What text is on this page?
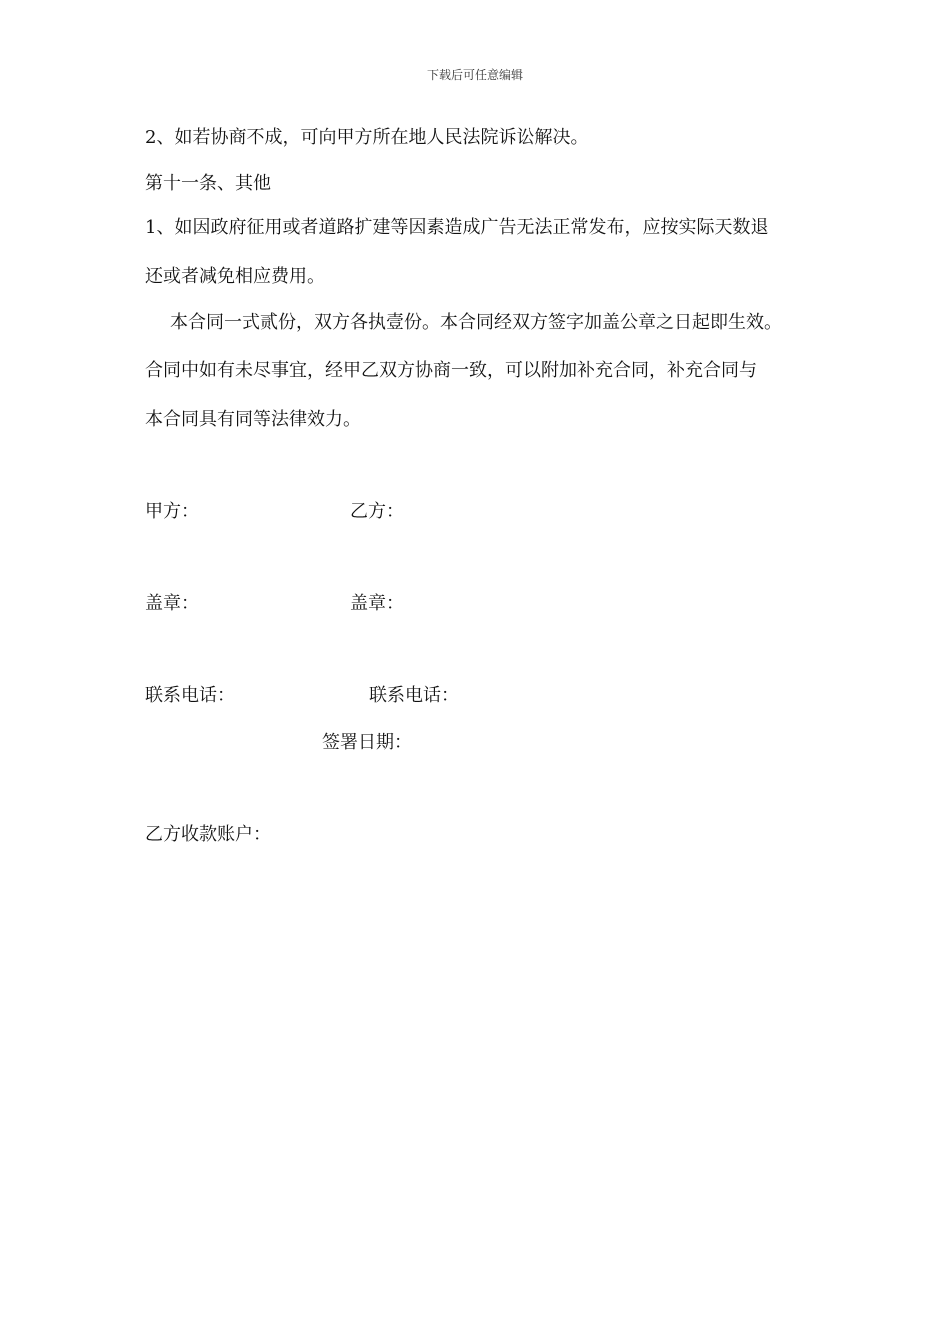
下载后可任意编辑
2、如若协商不成，可向甲方所在地人民法院诉讼解决。
第十一条、其他
1、如因政府征用或者道路扩建等因素造成广告无法正常发布，应按实际天数退
还或者减免相应费用。
本合同一式贰份，双方各执壹份。本合同经双方签字加盖公章之日起即生效。
合同中如有未尽事宜，经甲乙双方协商一致，可以附加补充合同，补充合同与
本合同具有同等法律效力。
甲方：	乙方：
盖章：	盖章：
联系电话：	联系电话：
签署日期：
乙方收款账户：
